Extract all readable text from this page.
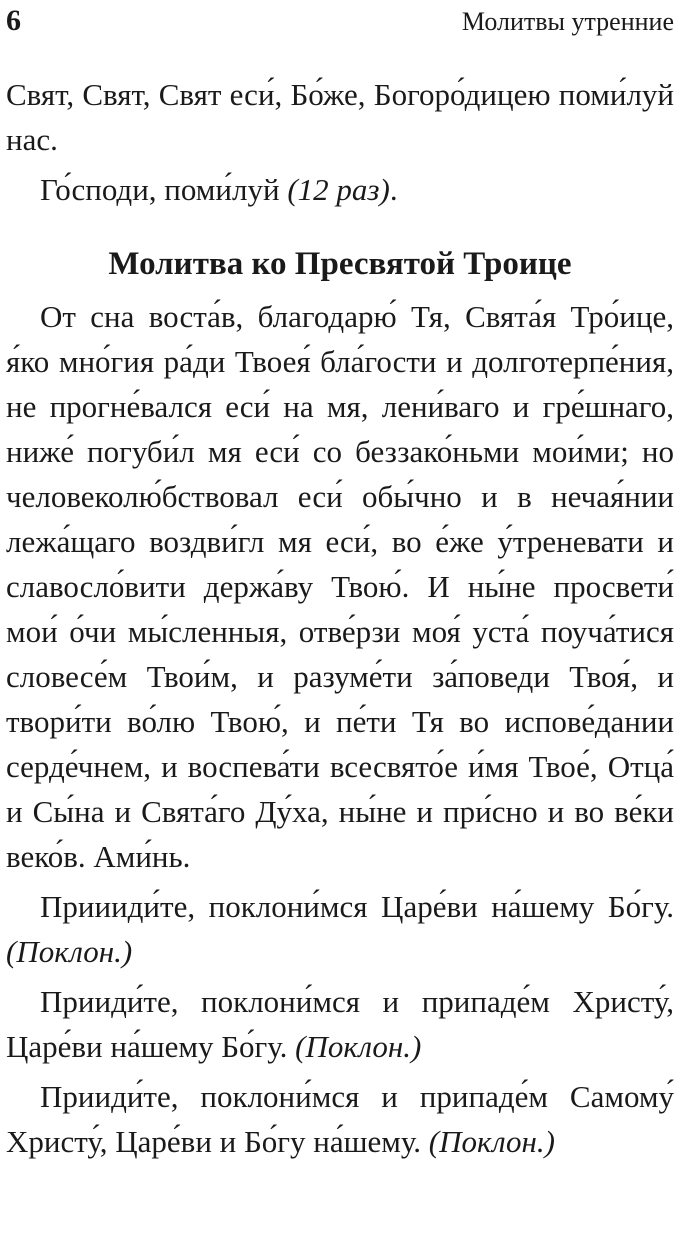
6	Молитвы утренние

Свят, Свят, Свят еси́, Бо́же, Богоро́дицею поми́луй нас.

Го́споди, поми́луй (12 раз).

Молитва ко Пресвятой Троице

От сна воста́в, благодарю́ Тя, Свята́я Тро́ице, я́ко мно́гия ра́ди Твоея́ бла́гости и долготерпе́ния, не прогне́вался еси́ на мя, лени́ваго и гре́шнаго, ниже́ погуби́л мя еси́ со беззако́ньми мои́ми; но человеколю́бствовал еси́ обы́чно и в нечая́нии лежа́щаго воздви́гл мя еси́, во е́же у́треневати и славосло́вити держа́ву Твою́. И ны́не просвети́ мои́ о́чи мы́сленныя, отве́рзи моя́ уста́ поуча́тися словесе́м Твои́м, и разуме́ти за́поведи Твоя́, и твори́ти во́лю Твою́, и пе́ти Тя во испове́дании серде́чнем, и воспева́ти всесвято́е и́мя Твое́, Отца́ и Сы́на и Свята́го Ду́ха, ны́не и при́сно и во ве́ки веко́в. Ами́нь.

Приииди́те, поклони́мся Царе́ви на́шему Бо́гу. (Поклон.)

Прииди́те, поклони́мся и припаде́м Христу́, Царе́ви на́шему Бо́гу. (Поклон.)

Прииди́те, поклони́мся и припаде́м Самому́ Христу́, Царе́ви и Бо́гу на́шему. (Поклон.)
